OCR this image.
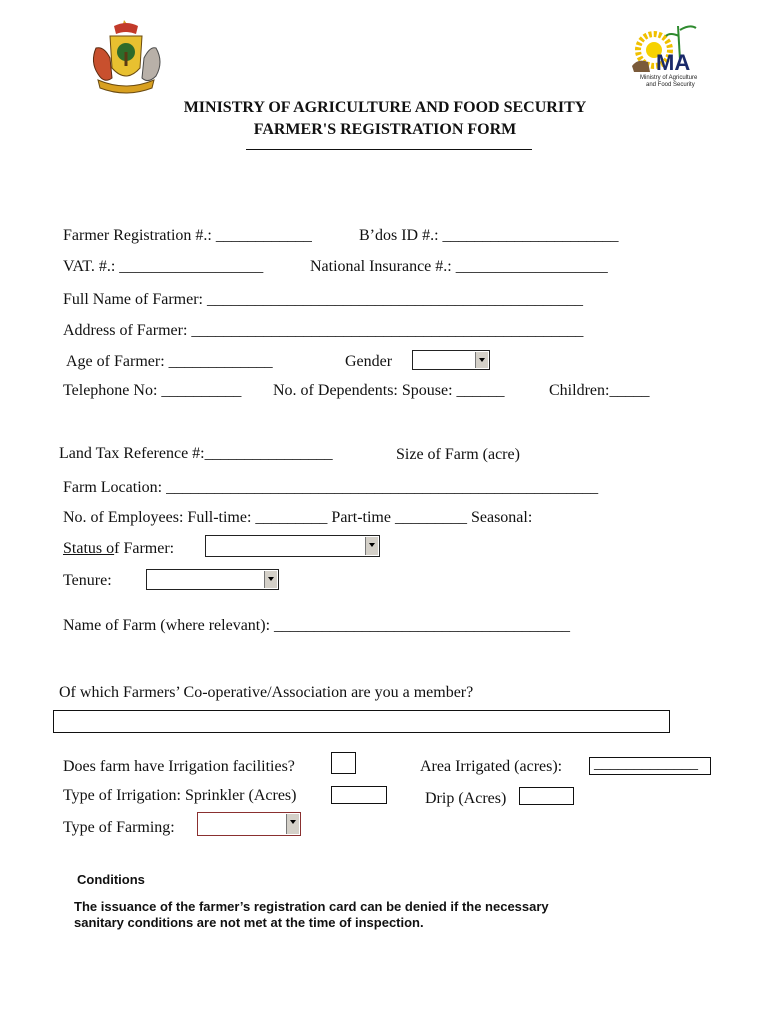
MA
Ministry of Agriculture
and Food Security
MINISTRY OF AGRICULTURE AND FOOD SECURITY
FARMER'S REGISTRATION FORM
Farmer Registration #.: ____________	B’dos ID #.: ______________________
VAT. #.: __________________	National Insurance #.: ___________________
Full Name of Farmer: _______________________________________________
Address of Farmer: _________________________________________________
Age of Farmer: _____________	Gender
Telephone No: __________ No. of Dependents: Spouse: ______	Children:_____
Land Tax Reference #:________________	Size of Farm (acre)
Farm Location: ______________________________________________________
No. of Employees: Full-time: _________ Part-time _________ Seasonal:
Status of Farmer:
Tenure:
Name of Farm (where relevant): _____________________________________
Of which Farmers’ Co-operative/Association are you a member?
Does farm have Irrigation facilities?	Area Irrigated (acres): _____________
Type of Irrigation: Sprinkler (Acres)	Drip (Acres)
Type of Farming:
Conditions
The issuance of the farmer’s registration card can be denied if the necessary
sanitary conditions are not met at the time of inspection.
